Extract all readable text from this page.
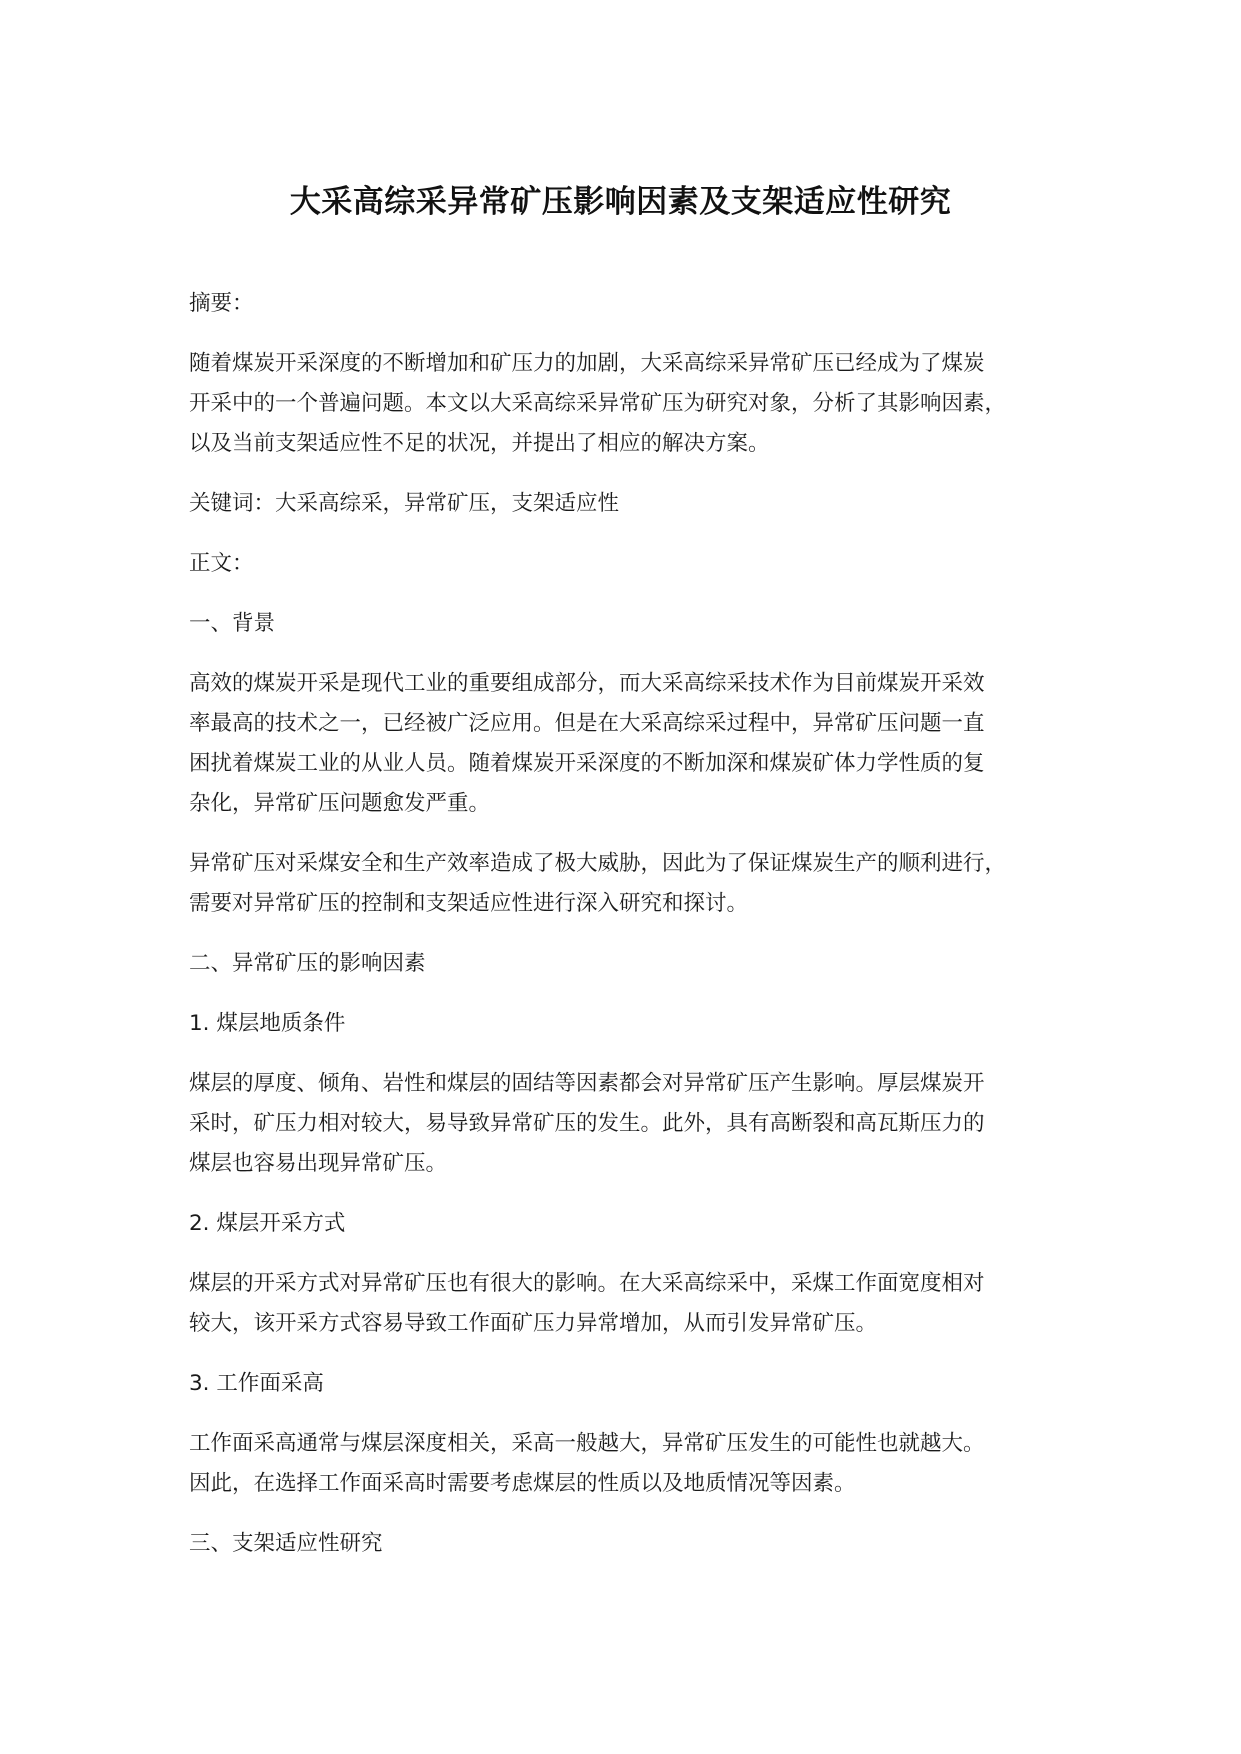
大采高综采异常矿压影响因素及支架适应性研究

摘要：

随着煤炭开采深度的不断增加和矿压力的加剧，大采高综采异常矿压已经成为了煤炭
开采中的一个普遍问题。本文以大采高综采异常矿压为研究对象，分析了其影响因素，
以及当前支架适应性不足的状况，并提出了相应的解决方案。

关键词：大采高综采，异常矿压，支架适应性

正文：

一、背景

高效的煤炭开采是现代工业的重要组成部分，而大采高综采技术作为目前煤炭开采效
率最高的技术之一，已经被广泛应用。但是在大采高综采过程中，异常矿压问题一直
困扰着煤炭工业的从业人员。随着煤炭开采深度的不断加深和煤炭矿体力学性质的复
杂化，异常矿压问题愈发严重。

异常矿压对采煤安全和生产效率造成了极大威胁，因此为了保证煤炭生产的顺利进行，
需要对异常矿压的控制和支架适应性进行深入研究和探讨。

二、异常矿压的影响因素

1. 煤层地质条件

煤层的厚度、倾角、岩性和煤层的固结等因素都会对异常矿压产生影响。厚层煤炭开
采时，矿压力相对较大，易导致异常矿压的发生。此外，具有高断裂和高瓦斯压力的
煤层也容易出现异常矿压。

2. 煤层开采方式

煤层的开采方式对异常矿压也有很大的影响。在大采高综采中，采煤工作面宽度相对
较大，该开采方式容易导致工作面矿压力异常增加，从而引发异常矿压。

3. 工作面采高

工作面采高通常与煤层深度相关，采高一般越大，异常矿压发生的可能性也就越大。
因此，在选择工作面采高时需要考虑煤层的性质以及地质情况等因素。

三、支架适应性研究
